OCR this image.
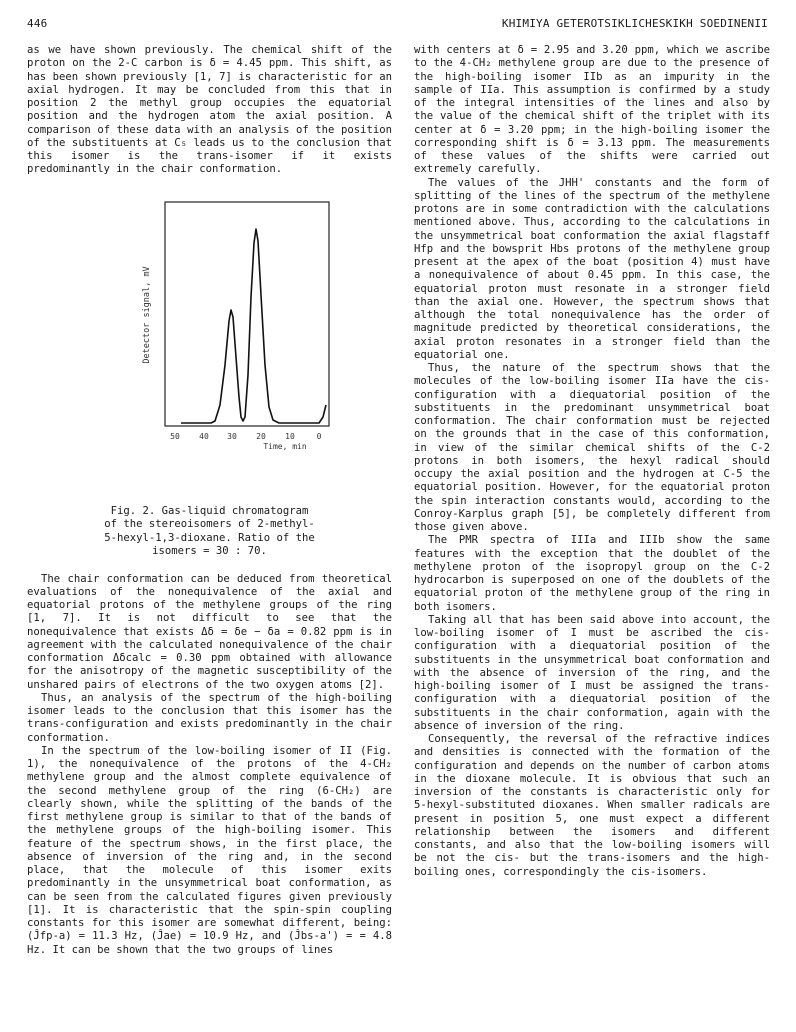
446	KHIMIYA GETEROTSIKLICHESKIKH SOEDINENII

as we have shown previously. The chemical shift of the proton on the 2-C carbon is δ = 4.45 ppm. This shift, as has been shown previously [1, 7] is characteristic for an axial hydrogen. It may be concluded from this that in position 2 the methyl group occupies the equatorial position and the hydrogen atom the axial position. A comparison of these data with an analysis of the position of the substituents at C₅ leads us to the conclusion that this isomer is the trans-isomer if it exists predominantly in the chair conformation.

Detector signal, mV
50 40 30 20 10	0
Time, min
Fig. 2. Gas-liquid chromatogram
of the stereoisomers of 2-methyl-
5-hexyl-1,3-dioxane. Ratio of the
isomers = 30 : 70.

The chair conformation can be deduced from theoretical evaluations of the nonequivalence of the axial and equatorial protons of the methylene groups of the ring [1, 7]. It is not difficult to see that the nonequivalence that exists Δδ = δe − δa = 0.82 ppm is in agreement with the calculated nonequivalence of the chair conformation Δδcalc = 0.30 ppm obtained with allowance for the anisotropy of the magnetic susceptibility of the unshared pairs of electrons of the two oxygen atoms [2].

Thus, an analysis of the spectrum of the high-boiling isomer leads to the conclusion that this isomer has the trans-configuration and exists predominantly in the chair conformation.

In the spectrum of the low-boiling isomer of II (Fig. 1), the nonequivalence of the protons of the 4-CH₂ methylene group and the almost complete equivalence of the second methylene group of the ring (6-CH₂) are clearly shown, while the splitting of the bands of the first methylene group is similar to that of the bands of the methylene groups of the high-boiling isomer. This feature of the spectrum shows, in the first place, the absence of inversion of the ring and, in the second place, that the molecule of this isomer exits predominantly in the unsymmetrical boat conformation, as can be seen from the calculated figures given previously [1]. It is characteristic that the spin-spin coupling constants for this isomer are somewhat different, being: (Ĵfp-a) = 11.3 Hz, (Ĵae) = 10.9 Hz, and (Ĵbs-a') = = 4.8 Hz. It can be shown that the two groups of lines

with centers at δ = 2.95 and 3.20 ppm, which we ascribe to the 4-CH₂ methylene group are due to the presence of the high-boiling isomer IIb as an impurity in the sample of IIa. This assumption is confirmed by a study of the integral intensities of the lines and also by the value of the chemical shift of the triplet with its center at δ = 3.20 ppm; in the high-boiling isomer the corresponding shift is δ = 3.13 ppm. The measurements of these values of the shifts were carried out extremely carefully.

The values of the JHH' constants and the form of splitting of the lines of the spectrum of the methylene protons are in some contradiction with the calculations mentioned above. Thus, according to the calculations in the unsymmetrical boat conformation the axial flagstaff Hfp and the bowsprit Hbs protons of the methylene group present at the apex of the boat (position 4) must have a nonequivalence of about 0.45 ppm. In this case, the equatorial proton must resonate in a stronger field than the axial one. However, the spectrum shows that although the total nonequivalence has the order of magnitude predicted by theoretical considerations, the axial proton resonates in a stronger field than the equatorial one.

Thus, the nature of the spectrum shows that the molecules of the low-boiling isomer IIa have the cis-configuration with a diequatorial position of the substituents in the predominant unsymmetrical boat conformation. The chair conformation must be rejected on the grounds that in the case of this conformation, in view of the similar chemical shifts of the C-2 protons in both isomers, the hexyl radical should occupy the axial position and the hydrogen at C-5 the equatorial position. However, for the equatorial proton the spin interaction constants would, according to the Conroy-Karplus graph [5], be completely different from those given above.

The PMR spectra of IIIa and IIIb show the same features with the exception that the doublet of the methylene proton of the isopropyl group on the C-2 hydrocarbon is superposed on one of the doublets of the equatorial proton of the methylene group of the ring in both isomers.

Taking all that has been said above into account, the low-boiling isomer of I must be ascribed the cis-configuration with a diequatorial position of the substituents in the unsymmetrical boat conformation and with the absence of inversion of the ring, and the high-boiling isomer of I must be assigned the trans-configuration with a diequatorial position of the substituents in the chair conformation, again with the absence of inversion of the ring.

Consequently, the reversal of the refractive indices and densities is connected with the formation of the configuration and depends on the number of carbon atoms in the dioxane molecule. It is obvious that such an inversion of the constants is characteristic only for 5-hexyl-substituted dioxanes. When smaller radicals are present in position 5, one must expect a different relationship between the isomers and different constants, and also that the low-boiling isomers will be not the cis- but the trans-isomers and the high-boiling ones, correspondingly the cis-isomers.
